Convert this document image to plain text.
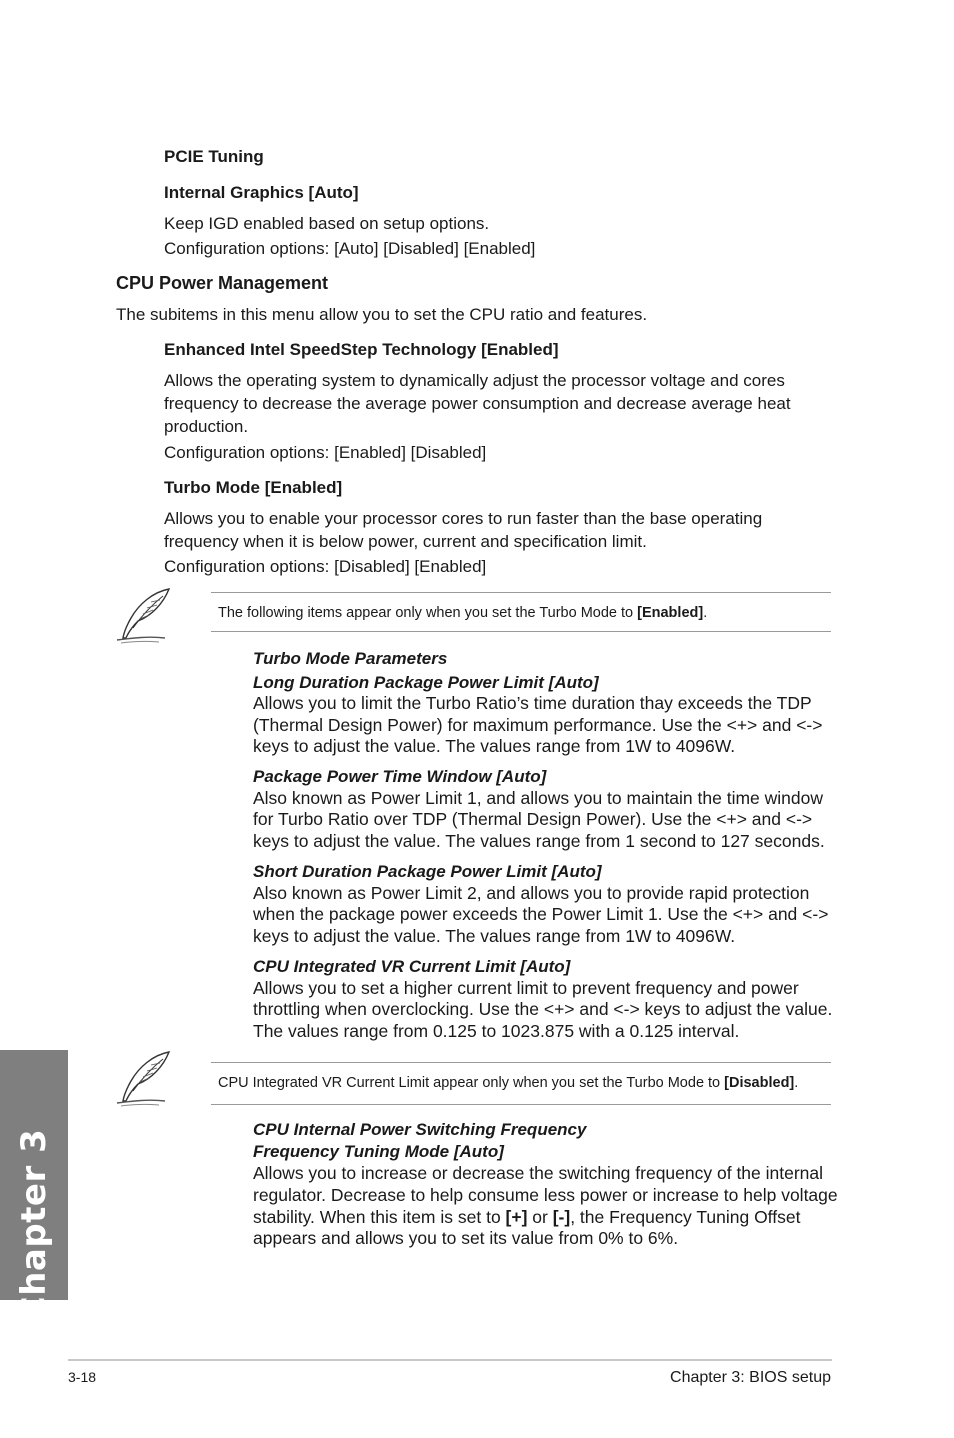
PCIE Tuning
Internal Graphics [Auto]
Keep IGD enabled based on setup options.
Configuration options: [Auto] [Disabled] [Enabled]
CPU Power Management
The subitems in this menu allow you to set the CPU ratio and features.
Enhanced Intel SpeedStep Technology [Enabled]
Allows the operating system to dynamically adjust the processor voltage and cores
frequency to decrease the average power consumption and decrease average heat
production.
Configuration options: [Enabled] [Disabled]
Turbo Mode [Enabled]
Allows you to enable your processor cores to run faster than the base operating
frequency when it is below power, current and specification limit.
Configuration options: [Disabled] [Enabled]
The following items appear only when you set the Turbo Mode to [Enabled].
Turbo Mode Parameters
Long Duration Package Power Limit [Auto]
Allows you to limit the Turbo Ratio’s time duration thay exceeds the TDP
(Thermal Design Power) for maximum performance. Use the <+> and <->
keys to adjust the value. The values range from 1W to 4096W.
Package Power Time Window [Auto]
Also known as Power Limit 1, and allows you to maintain the time window
for Turbo Ratio over TDP (Thermal Design Power). Use the <+> and <->
keys to adjust the value. The values range from 1 second to 127 seconds.
Short Duration Package Power Limit [Auto]
Also known as Power Limit 2, and allows you to provide rapid protection
when the package power exceeds the Power Limit 1. Use the <+> and <->
keys to adjust the value. The values range from 1W to 4096W.
CPU Integrated VR Current Limit [Auto]
Allows you to set a higher current limit to prevent frequency and power
throttling when overclocking. Use the <+> and <-> keys to adjust the value.
The values range from 0.125 to 1023.875 with a 0.125 interval.
CPU Integrated VR Current Limit appear only when you set the Turbo Mode to [Disabled].
CPU Internal Power Switching Frequency
Frequency Tuning Mode [Auto]
Allows you to increase or decrease the switching frequency of the internal
regulator. Decrease to help consume less power or increase to help voltage
stability. When this item is set to [+] or [-], the Frequency Tuning Offset
appears and allows you to set its value from 0% to 6%.
Chapter 3
3-18	Chapter 3: BIOS setup
